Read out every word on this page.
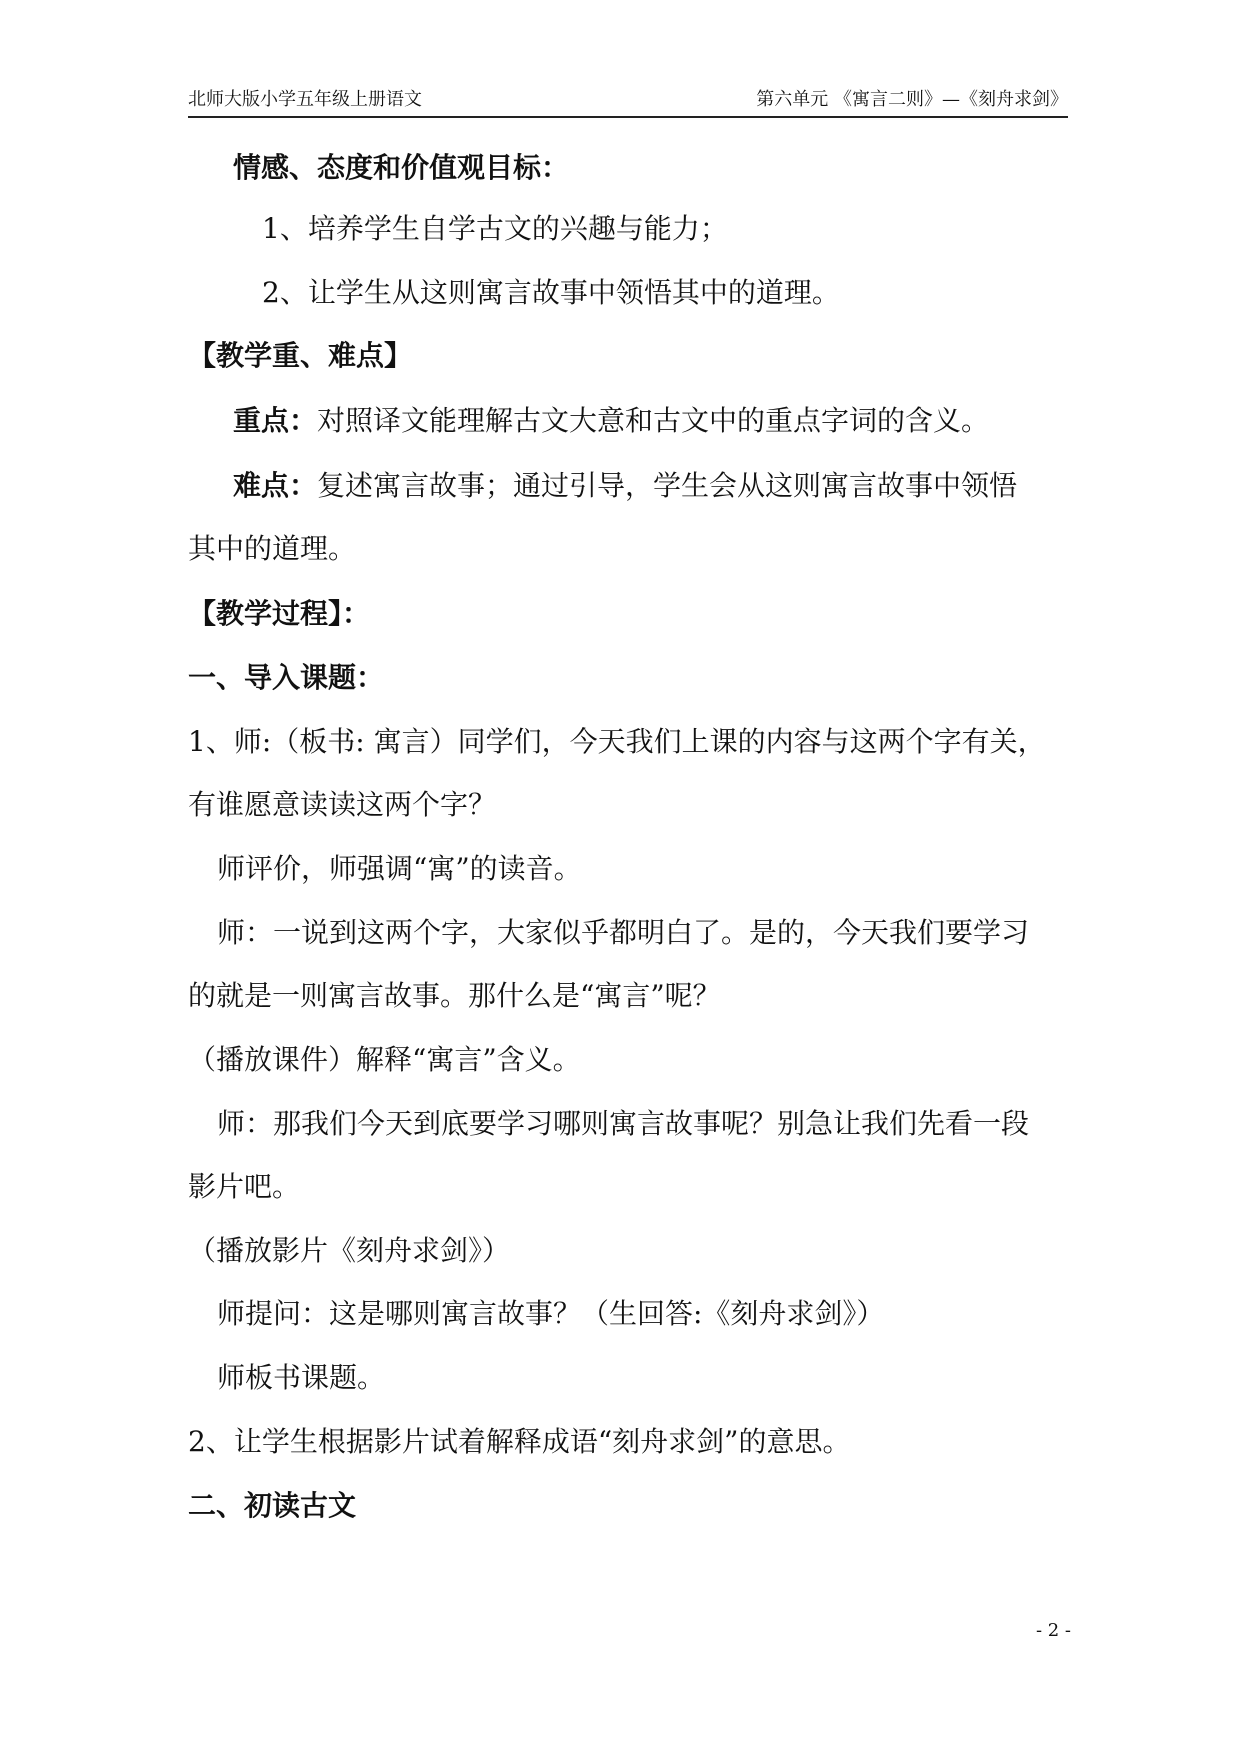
北师大版小学五年级上册语文	第六单元 《寓言二则》—《刻舟求剑》
情感、态度和价值观目标：
1、培养学生自学古文的兴趣与能力；
2、让学生从这则寓言故事中领悟其中的道理。
【教学重、难点】
重点：对照译文能理解古文大意和古文中的重点字词的含义。
难点：复述寓言故事；通过引导，学生会从这则寓言故事中领悟
其中的道理。
【教学过程】：
一、导入课题：
1、师:（板书: 寓言）同学们，今天我们上课的内容与这两个字有关，
有谁愿意读读这两个字？
师评价，师强调“寓”的读音。
师：一说到这两个字，大家似乎都明白了。是的，今天我们要学习
的就是一则寓言故事。那什么是“寓言”呢？
（播放课件）解释“寓言”含义。
师：那我们今天到底要学习哪则寓言故事呢？别急让我们先看一段
影片吧。
（播放影片《刻舟求剑》）
师提问：这是哪则寓言故事？（生回答:《刻舟求剑》）
师板书课题。
2、让学生根据影片试着解释成语“刻舟求剑”的意思。
二、初读古文
- 2 -
